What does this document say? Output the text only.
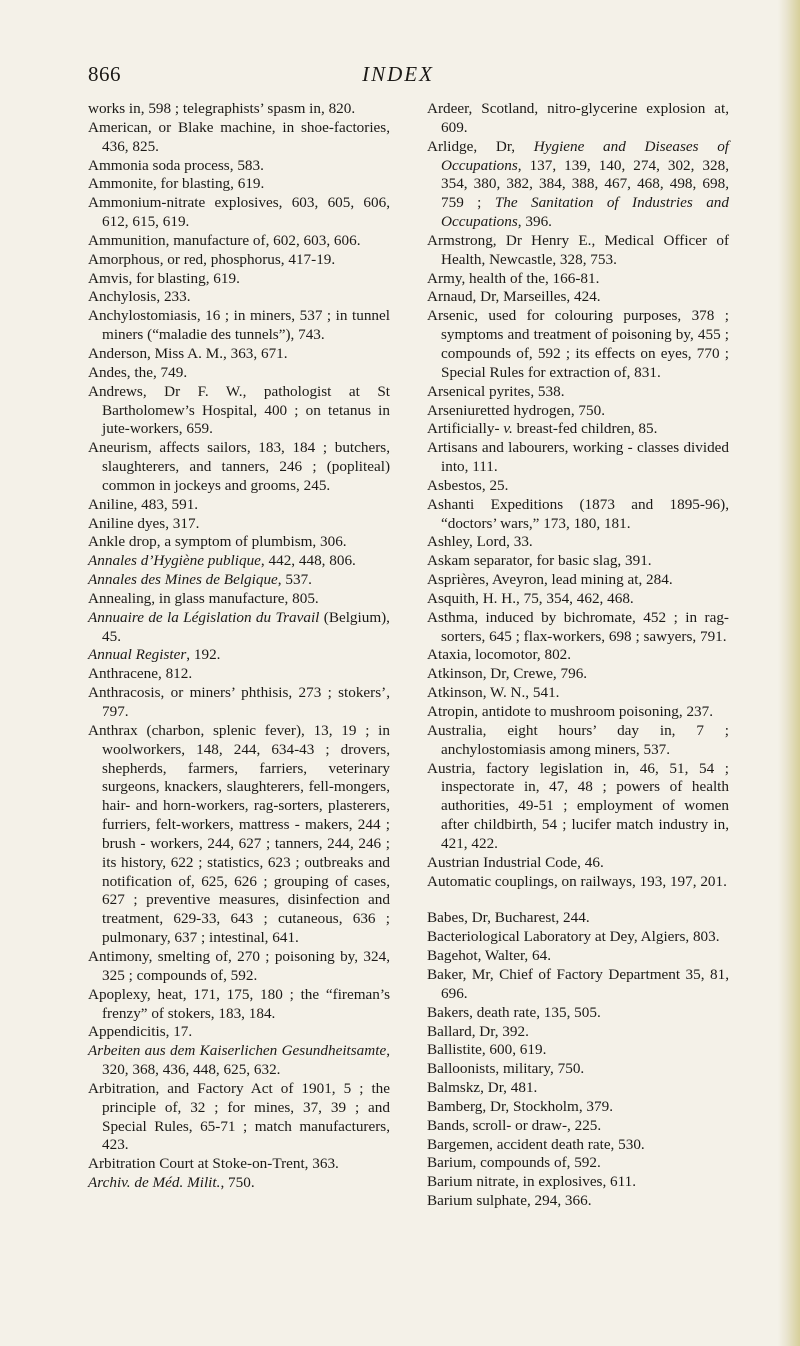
866	INDEX

works in, 598 ; telegraphists’ spasm in, 820.

American, or Blake machine, in shoe-factories, 436, 825.

Ammonia soda process, 583.

Ammonite, for blasting, 619.

Ammonium-nitrate explosives, 603, 605, 606, 612, 615, 619.

Ammunition, manufacture of, 602, 603, 606.

Amorphous, or red, phosphorus, 417-19.

Amvis, for blasting, 619.

Anchylosis, 233.

Anchylostomiasis, 16 ; in miners, 537 ; in tunnel miners (“maladie des tunnels”), 743.

Anderson, Miss A. M., 363, 671.

Andes, the, 749.

Andrews, Dr F. W., pathologist at St Bartholomew’s Hospital, 400 ; on tetanus in jute-workers, 659.

Aneurism, affects sailors, 183, 184 ; butchers, slaughterers, and tanners, 246 ; (popliteal) common in jockeys and grooms, 245.

Aniline, 483, 591.

Aniline dyes, 317.

Ankle drop, a symptom of plumbism, 306.

Annales d’Hygiène publique, 442, 448, 806.

Annales des Mines de Belgique, 537.

Annealing, in glass manufacture, 805.

Annuaire de la Législation du Travail (Belgium), 45.

Annual Register, 192.

Anthracene, 812.

Anthracosis, or miners’ phthisis, 273 ; stokers’, 797.

Anthrax (charbon, splenic fever), 13, 19 ; in woolworkers, 148, 244, 634-43 ; drovers, shepherds, farmers, farriers, veterinary surgeons, knackers, slaughterers, fell-mongers, hair- and horn-workers, rag-sorters, plasterers, furriers, felt-workers, mattress - makers, 244 ; brush - workers, 244, 627 ; tanners, 244, 246 ; its history, 622 ; statistics, 623 ; outbreaks and notification of, 625, 626 ; grouping of cases, 627 ; preventive measures, disinfection and treatment, 629-33, 643 ; cutaneous, 636 ; pulmonary, 637 ; intestinal, 641.

Antimony, smelting of, 270 ; poisoning by, 324, 325 ; compounds of, 592.

Apoplexy, heat, 171, 175, 180 ; the “fireman’s frenzy” of stokers, 183, 184.

Appendicitis, 17.

Arbeiten aus dem Kaiserlichen Gesundheitsamte, 320, 368, 436, 448, 625, 632.

Arbitration, and Factory Act of 1901, 5 ; the principle of, 32 ; for mines, 37, 39 ; and Special Rules, 65-71 ; match manufacturers, 423.

Arbitration Court at Stoke-on-Trent, 363.

Archiv. de Méd. Milit., 750.

Ardeer, Scotland, nitro-glycerine explosion at, 609.

Arlidge, Dr, Hygiene and Diseases of Occupations, 137, 139, 140, 274, 302, 328, 354, 380, 382, 384, 388, 467, 468, 498, 698, 759 ; The Sanitation of Industries and Occupations, 396.

Armstrong, Dr Henry E., Medical Officer of Health, Newcastle, 328, 753.

Army, health of the, 166-81.

Arnaud, Dr, Marseilles, 424.

Arsenic, used for colouring purposes, 378 ; symptoms and treatment of poisoning by, 455 ; compounds of, 592 ; its effects on eyes, 770 ; Special Rules for extraction of, 831.

Arsenical pyrites, 538.

Arseniuretted hydrogen, 750.

Artificially- v. breast-fed children, 85.

Artisans and labourers, working - classes divided into, 111.

Asbestos, 25.

Ashanti Expeditions (1873 and 1895-96), “doctors’ wars,” 173, 180, 181.

Ashley, Lord, 33.

Askam separator, for basic slag, 391.

Asprières, Aveyron, lead mining at, 284.

Asquith, H. H., 75, 354, 462, 468.

Asthma, induced by bichromate, 452 ; in rag-sorters, 645 ; flax-workers, 698 ; sawyers, 791.

Ataxia, locomotor, 802.

Atkinson, Dr, Crewe, 796.

Atkinson, W. N., 541.

Atropin, antidote to mushroom poisoning, 237.

Australia, eight hours’ day in, 7 ; anchylostomiasis among miners, 537.

Austria, factory legislation in, 46, 51, 54 ; inspectorate in, 47, 48 ; powers of health authorities, 49-51 ; employment of women after childbirth, 54 ; lucifer match industry in, 421, 422.

Austrian Industrial Code, 46.

Automatic couplings, on railways, 193, 197, 201.

Babes, Dr, Bucharest, 244.

Bacteriological Laboratory at Dey, Algiers, 803.

Bagehot, Walter, 64.

Baker, Mr, Chief of Factory Department 35, 81, 696.

Bakers, death rate, 135, 505.

Ballard, Dr, 392.

Ballistite, 600, 619.

Balloonists, military, 750.

Balmskz, Dr, 481.

Bamberg, Dr, Stockholm, 379.

Bands, scroll- or draw-, 225.

Bargemen, accident death rate, 530.

Barium, compounds of, 592.

Barium nitrate, in explosives, 611.

Barium sulphate, 294, 366.
